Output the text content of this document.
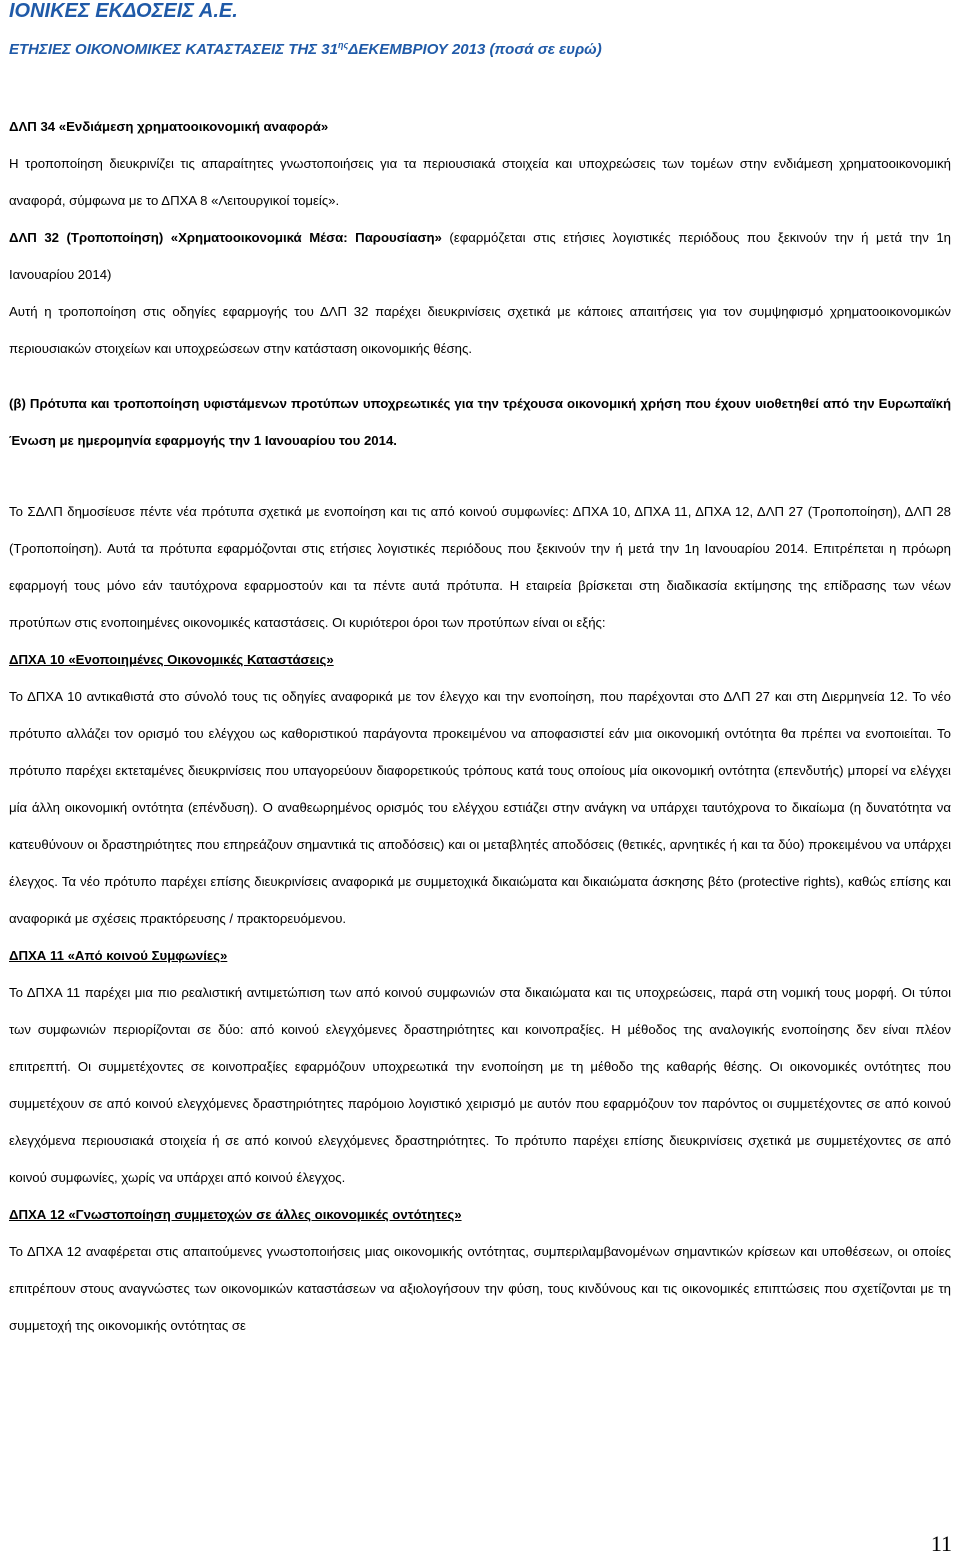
ΙΟΝΙΚΕΣ ΕΚΔΟΣΕΙΣ Α.Ε.

ΕΤΗΣΙΕΣ ΟΙΚΟΝΟΜΙΚΕΣ ΚΑΤΑΣΤΑΣΕΙΣ ΤΗΣ $31^{\eta\varsigma}\Delta EKEMBPIO\Upsilon$ 2013 (ποσά σε ευρώ)

ΔΛΠ 34 «Ενδιάμεση χρηματοοικονομική αναφορά»

Η τροποποίηση διευκρινίζει τις απαραίτητες γνωστοποιήσεις για τα περιουσιακά στοιχεία και υποχρεώσεις των τομέων στην ενδιάμεση χρηματοοικονομική αναφορά, σύμφωνα με το ΔΠΧΑ 8 «Λειτουργικοί τομείς».

ΔΛΠ 32 (Τροποποίηση) «Χρηματοοικονομικά Μέσα: Παρουσίαση» (εφαρμόζεται στις ετήσιες λογιστικές περιόδους που ξεκινούν την ή μετά την 1η Ιανουαρίου 2014)

Αυτή η τροποποίηση στις οδηγίες εφαρμογής του ΔΛΠ 32 παρέχει διευκρινίσεις σχετικά με κάποιες απαιτήσεις για τον συμψηφισμό χρηματοοικονομικών περιουσιακών στοιχείων και υποχρεώσεων στην κατάσταση οικονομικής θέσης.

(β) Πρότυπα και τροποποίηση υφιστάμενων προτύπων υποχρεωτικές για την τρέχουσα οικονομική χρήση που έχουν υιοθετηθεί από την Ευρωπαϊκή Ένωση με ημερομηνία εφαρμογής την 1 Ιανουαρίου του 2014.

Το ΣΔΛΠ δημοσίευσε πέντε νέα πρότυπα σχετικά με ενοποίηση και τις από κοινού συμφωνίες: ΔΠΧΑ 10, ΔΠΧΑ 11, ΔΠΧΑ 12, ΔΛΠ 27 (Τροποποίηση), ΔΛΠ 28 (Τροποποίηση). Αυτά τα πρότυπα εφαρμόζονται στις ετήσιες λογιστικές περιόδους που ξεκινούν την ή μετά την 1η Ιανουαρίου 2014. Επιτρέπεται η πρόωρη εφαρμογή τους μόνο εάν ταυτόχρονα εφαρμοστούν και τα πέντε αυτά πρότυπα. Η εταιρεία βρίσκεται στη διαδικασία εκτίμησης της επίδρασης των νέων προτύπων στις ενοποιημένες οικονομικές καταστάσεις. Οι κυριότεροι όροι των προτύπων είναι οι εξής:

ΔΠΧΑ 10 «Ενοποιημένες Οικονομικές Καταστάσεις»

Το ΔΠΧΑ 10 αντικαθιστά στο σύνολό τους τις οδηγίες αναφορικά με τον έλεγχο και την ενοποίηση, που παρέχονται στο ΔΛΠ 27 και στη Διερμηνεία 12. Το νέο πρότυπο αλλάζει τον ορισμό του ελέγχου ως καθοριστικού παράγοντα προκειμένου να αποφασιστεί εάν μια οικονομική οντότητα θα πρέπει να ενοποιείται. Το πρότυπο παρέχει εκτεταμένες διευκρινίσεις που υπαγορεύουν διαφορετικούς τρόπους κατά τους οποίους μία οικονομική οντότητα (επενδυτής) μπορεί να ελέγχει μία άλλη οικονομική οντότητα (επένδυση). Ο αναθεωρημένος ορισμός του ελέγχου εστιάζει στην ανάγκη να υπάρχει ταυτόχρονα το δικαίωμα (η δυνατότητα να κατευθύνουν οι δραστηριότητες που επηρεάζουν σημαντικά τις αποδόσεις) και οι μεταβλητές αποδόσεις (θετικές, αρνητικές ή και τα δύο) προκειμένου να υπάρχει έλεγχος. Τα νέο πρότυπο παρέχει επίσης διευκρινίσεις αναφορικά με συμμετοχικά δικαιώματα και δικαιώματα άσκησης βέτο (protective rights), καθώς επίσης και αναφορικά με σχέσεις πρακτόρευσης / πρακτορευόμενου.

ΔΠΧΑ 11 «Από κοινού Συμφωνίες»

Το ΔΠΧΑ 11 παρέχει μια πιο ρεαλιστική αντιμετώπιση των από κοινού συμφωνιών στα δικαιώματα και τις υποχρεώσεις, παρά στη νομική τους μορφή. Οι τύποι των συμφωνιών περιορίζονται σε δύο: από κοινού ελεγχόμενες δραστηριότητες και κοινοπραξίες. Η μέθοδος της αναλογικής ενοποίησης δεν είναι πλέον επιτρεπτή. Οι συμμετέχοντες σε κοινοπραξίες εφαρμόζουν υποχρεωτικά την ενοποίηση με τη μέθοδο της καθαρής θέσης. Οι οικονομικές οντότητες που συμμετέχουν σε από κοινού ελεγχόμενες δραστηριότητες παρόμοιο λογιστικό χειρισμό με αυτόν που εφαρμόζουν τον παρόντος οι συμμετέχοντες σε από κοινού ελεγχόμενα περιουσιακά στοιχεία ή σε από κοινού ελεγχόμενες δραστηριότητες. Το πρότυπο παρέχει επίσης διευκρινίσεις σχετικά με συμμετέχοντες σε από κοινού συμφωνίες, χωρίς να υπάρχει από κοινού έλεγχος.

ΔΠΧΑ 12 «Γνωστοποίηση συμμετοχών σε άλλες οικονομικές οντότητες»

Το ΔΠΧΑ 12 αναφέρεται στις απαιτούμενες γνωστοποιήσεις μιας οικονομικής οντότητας, συμπεριλαμβανομένων σημαντικών κρίσεων και υποθέσεων, οι οποίες επιτρέπουν στους αναγνώστες των οικονομικών καταστάσεων να αξιολογήσουν την φύση, τους κινδύνους και τις οικονομικές επιπτώσεις που σχετίζονται με τη συμμετοχή της οικονομικής οντότητας σε

11
